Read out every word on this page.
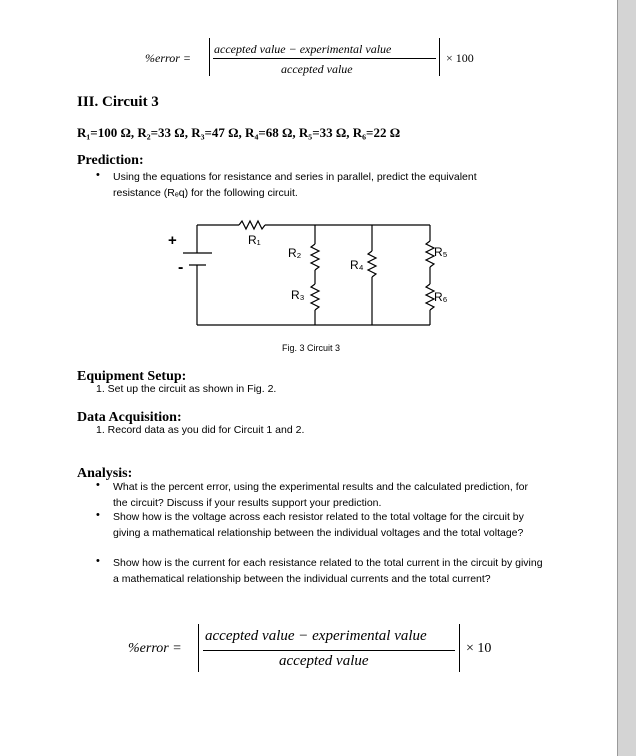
%error =
accepted value − experimental value
accepted value
× 100
III. Circuit 3
R₁=100 Ω, R₂=33 Ω, R₃=47 Ω, R₄=68 Ω, R₅=33 Ω, R₆=22 Ω
Prediction:
• Using the equations for resistance and series in parallel, predict the equivalent resistance (Rₑq) for the following circuit.
+
-
R₁
R₂
R₃
R₄
R₅
R₆
Fig. 3 Circuit 3
Equipment Setup:
1. Set up the circuit as shown in Fig. 2.
Data Acquisition:
1. Record data as you did for Circuit 1 and 2.
Analysis:
• What is the percent error, using the experimental results and the calculated prediction, for the circuit? Discuss if your results support your prediction.
• Show how is the voltage across each resistor related to the total voltage for the circuit by giving a mathematical relationship between the individual voltages and the total voltage?
• Show how is the current for each resistance related to the total current in the circuit by giving a mathematical relationship between the individual currents and the total current?
%error =
accepted value − experimental value
accepted value
× 10
